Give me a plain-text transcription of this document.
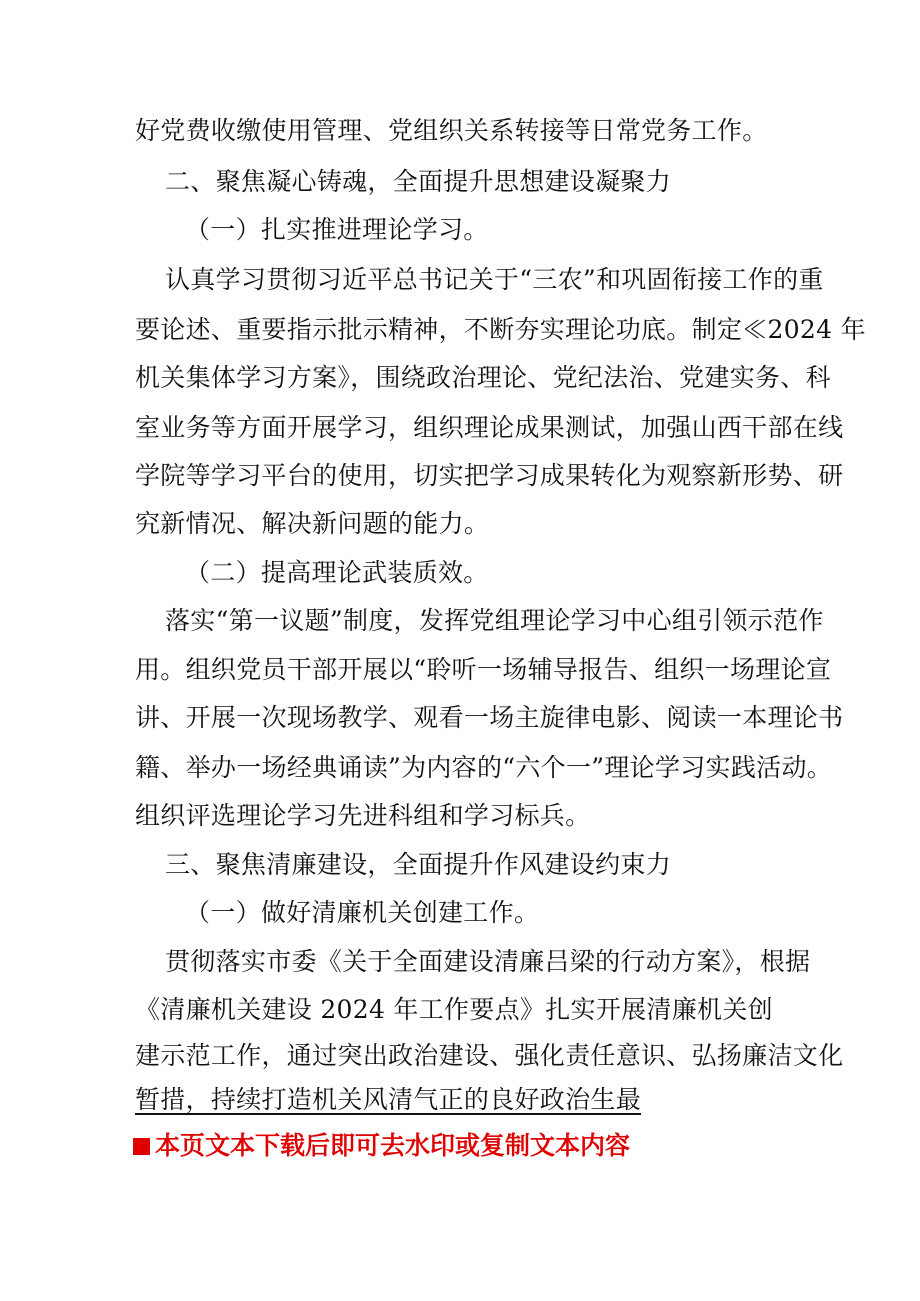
好党费收缴使用管理、党组织关系转接等日常党务工作。
二、聚焦凝心铸魂，全面提升思想建设凝聚力
（一）扎实推进理论学习。
认真学习贯彻习近平总书记关于“三农”和巩固衔接工作的重
要论述、重要指示批示精神，不断夯实理论功底。制定≪2024 年
机关集体学习方案》，围绕政治理论、党纪法治、党建实务、科
室业务等方面开展学习，组织理论成果测试，加强山西干部在线
学院等学习平台的使用，切实把学习成果转化为观察新形势、研
究新情况、解决新问题的能力。
（二）提高理论武装质效。
落实“第一议题”制度，发挥党组理论学习中心组引领示范作
用。组织党员干部开展以“聆听一场辅导报告、组织一场理论宣
讲、开展一次现场教学、观看一场主旋律电影、阅读一本理论书
籍、举办一场经典诵读”为内容的“六个一”理论学习实践活动。
组织评选理论学习先进科组和学习标兵。
三、聚焦清廉建设，全面提升作风建设约束力
（一）做好清廉机关创建工作。
贯彻落实市委《关于全面建设清廉吕梁的行动方案》，根据
《清廉机关建设 2024 年工作要点》扎实开展清廉机关创
建示范工作，通过突出政治建设、强化责任意识、弘扬廉洁文化
暂措，持续打造机关风清气正的良好政治生最
本页文本下载后即可去水印或复制文本内容
